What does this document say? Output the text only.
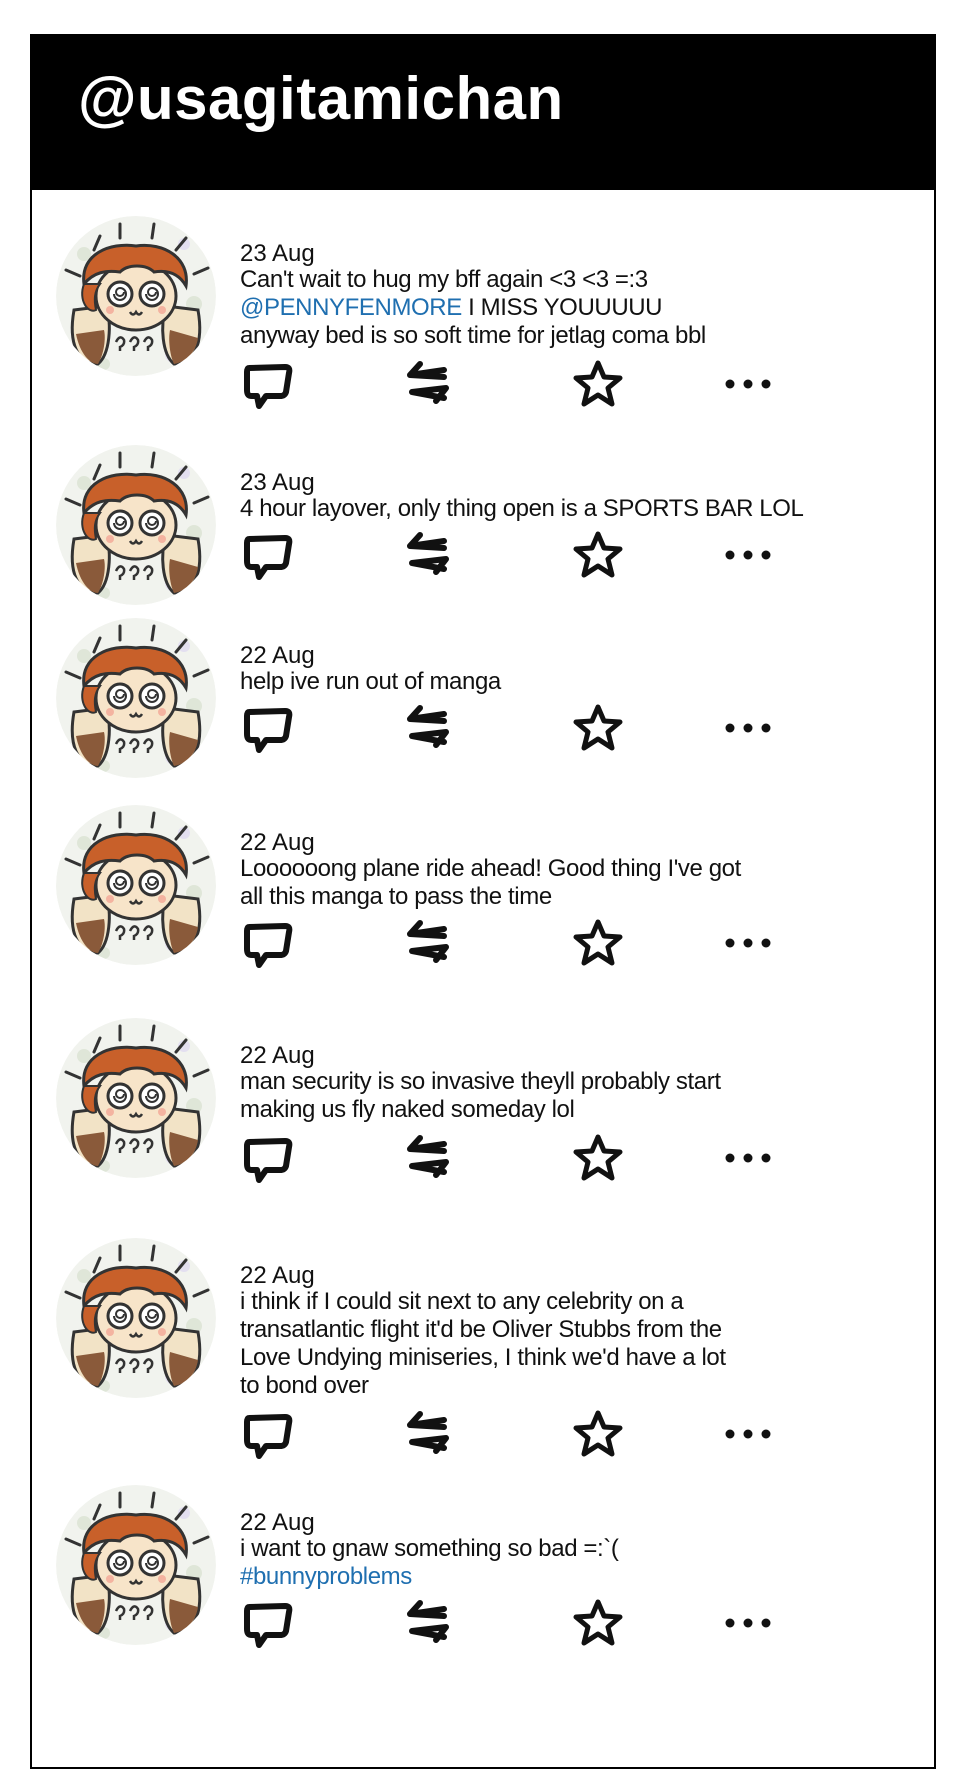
@usagitamichan
23 Aug
Can't wait to hug my bff again <3 <3 =:3
@PENNYFENMORE I MISS YOUUUUU
anyway bed is so soft time for jetlag coma bbl
23 Aug
4 hour layover, only thing open is a SPORTS BAR LOL
22 Aug
help ive run out of manga
22 Aug
Loooooong plane ride ahead! Good thing I've got
all this manga to pass the time
22 Aug
man security is so invasive theyll probably start
making us fly naked someday lol
22 Aug
i think if I could sit next to any celebrity on a
transatlantic flight it'd be Oliver Stubbs from the
Love Undying miniseries, I think we'd have a lot
to bond over
22 Aug
i want to gnaw something so bad =:`(
#bunnyproblems
